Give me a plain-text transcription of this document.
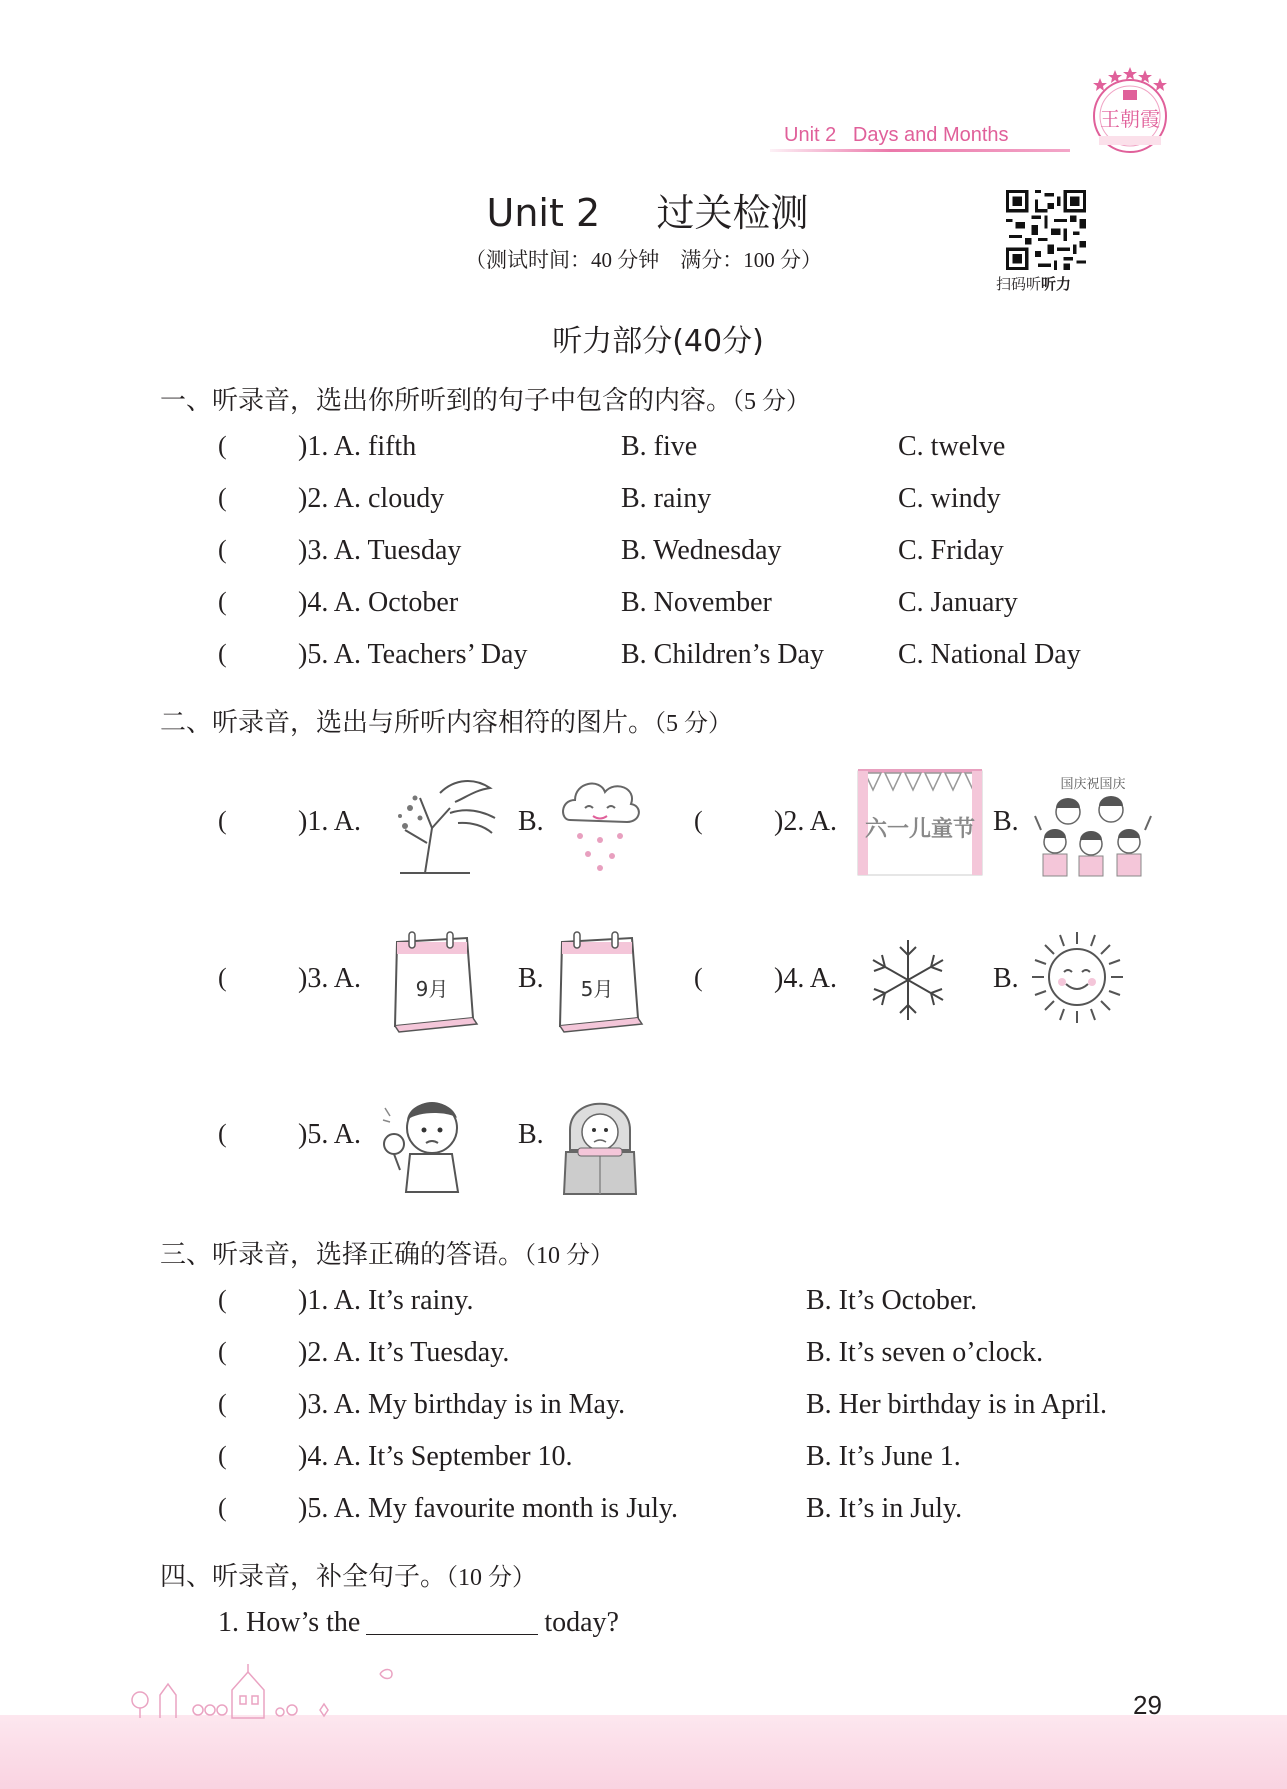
Unit 2 Days and Months
王朝霞
Unit 2 过关检测
（测试时间：40 分钟　满分：100 分）
扫码听听力
听力部分(40分)
一、听录音，选出你所听到的句子中包含的内容。（5 分）
(	)1. A. fifth	B. five	C. twelve
(	)2. A. cloudy	B. rainy	C. windy
(	)3. A. Tuesday	B. Wednesday	C. Friday
(	)4. A. October	B. November	C. January
(	)5. A. Teachers’ Day	B. Children’s Day	C. National Day
二、听录音，选出与所听内容相符的图片。（5 分）
(	)1. A.	B.	(	)2. A. 六一儿童节 B.
国庆祝国庆
(	)3. A.	9月 B. 5月	(	)4. A.	B.
(	)5. A.	B.
三、听录音，选择正确的答语。（10 分）
(	)1. A. It’s rainy.	B. It’s October.
(	)2. A. It’s Tuesday.	B. It’s seven o’clock.
(	)3. A. My birthday is in May.	B. Her birthday is in April.
(	)4. A. It’s September 10.	B. It’s June 1.
(	)5. A. My favourite month is July.	B. It’s in July.
四、听录音，补全句子。（10 分）
1. How’s the	today?
29
